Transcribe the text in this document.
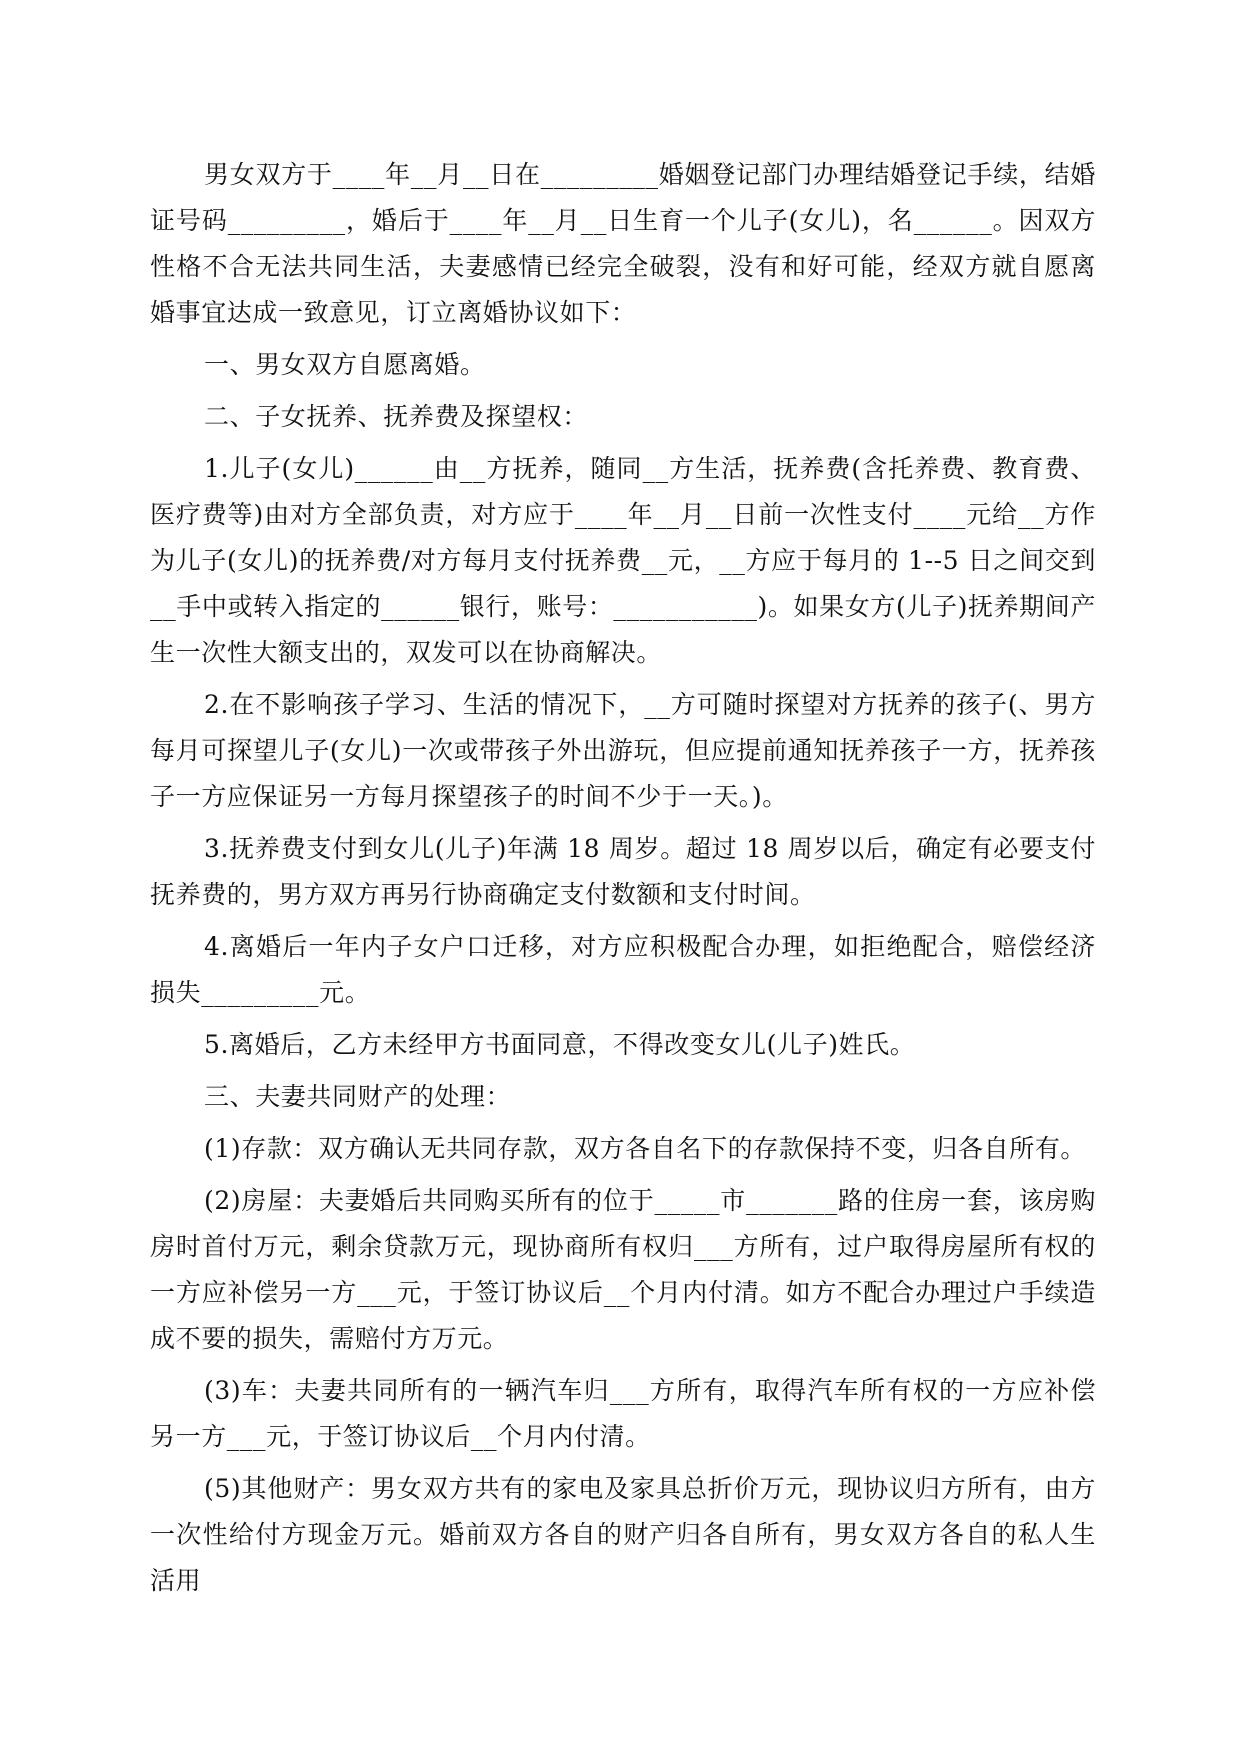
男女双方于____年__月__日在_________婚姻登记部门办理结婚登记手续，结婚证号码_________，婚后于____年__月__日生育一个儿子(女儿)，名______。因双方性格不合无法共同生活，夫妻感情已经完全破裂，没有和好可能，经双方就自愿离婚事宜达成一致意见，订立离婚协议如下：

一、男女双方自愿离婚。

二、子女抚养、抚养费及探望权：

1.儿子(女儿)______由__方抚养，随同__方生活，抚养费(含托养费、教育费、医疗费等)由对方全部负责，对方应于____年__月__日前一次性支付____元给__方作为儿子(女儿)的抚养费/对方每月支付抚养费__元，__方应于每月的 1--5 日之间交到__手中或转入指定的______银行，账号：___________)。如果女方(儿子)抚养期间产生一次性大额支出的，双发可以在协商解决。

2.在不影响孩子学习、生活的情况下，__方可随时探望对方抚养的孩子(、男方每月可探望儿子(女儿)一次或带孩子外出游玩，但应提前通知抚养孩子一方，抚养孩子一方应保证另一方每月探望孩子的时间不少于一天。)。

3.抚养费支付到女儿(儿子)年满 18 周岁。超过 18 周岁以后，确定有必要支付抚养费的，男方双方再另行协商确定支付数额和支付时间。

4.离婚后一年内子女户口迁移，对方应积极配合办理，如拒绝配合，赔偿经济损失_________元。

5.离婚后，乙方未经甲方书面同意，不得改变女儿(儿子)姓氏。

三、夫妻共同财产的处理：

(1)存款：双方确认无共同存款，双方各自名下的存款保持不变，归各自所有。

(2)房屋：夫妻婚后共同购买所有的位于_____市_______路的住房一套，该房购房时首付万元，剩余贷款万元，现协商所有权归___方所有，过户取得房屋所有权的一方应补偿另一方___元，于签订协议后__个月内付清。如方不配合办理过户手续造成不要的损失，需赔付方万元。

(3)车：夫妻共同所有的一辆汽车归___方所有，取得汽车所有权的一方应补偿另一方___元，于签订协议后__个月内付清。

(5)其他财产：男女双方共有的家电及家具总折价万元，现协议归方所有，由方一次性给付方现金万元。婚前双方各自的财产归各自所有，男女双方各自的私人生活用
